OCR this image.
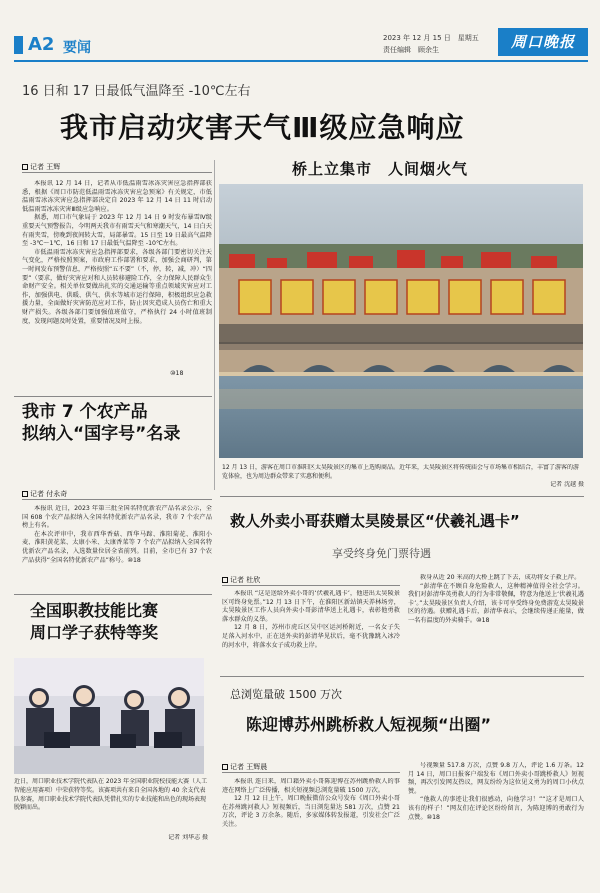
A2 要闻
2023 年 12 月 15 日　星期五
责任编辑　顾余生	周口晚报
16 日和 17 日最低气温降至 -10℃左右
我市启动灾害天气Ⅲ级应急响应
记者 王辉

本报讯 12 月 14 日，记者从市低温雨雪冰冻灾害应急指挥部获悉，根据《周口市防范低温雨雪冰冻灾害应急预案》有关规定，市低温雨雪冰冻灾害应急指挥部决定自 2023 年 12 月 14 日 11 时启动低温雨雪冰冻灾害Ⅲ级应急响应。

据悉，周口市气象局于 2023 年 12 月 14 日 9 时发布暴雪Ⅳ级重要天气预警报告，今明两天我市有雨雪天气和寒潮天气，14 日白天有雨夹雪，傍晚到夜间转大雪，局部暴雪。15 日至 19 日最高气温降至 -3℃～1℃，16 日和 17 日最低气温降至 -10℃左右。

市低温雨雪冰冻灾害应急指挥部要求，各级各部门要密切关注天气变化，严格按照预案，市政府工作部署和要求，加强会商研判，第一时间发布预警信息，严格按照“五不要”（不，停，转，减，冲）“四要”（要求，做好灾害应对和人员转移避险工作，全力保障人民群众生命财产安全。相关单位要做出扎实的交通运输等重点领域灾害应对工作，加强供电、供暖、供气、供水等城市运行保障，积极组织应急救援力量，全面做好灾害防范应对工作，防止因灾造成人员伤亡和重大财产损失。各级各部门要加强值班值守，严格执行 24 小时值班制度，发现问题及时处置，重要情况及时上报。

⑩18
桥上立集市　人间烟火气
12 月 13 日，游客在周口市淮阳区太昊陵景区的集市上选购商品。近年来，太昊陵景区将传统庙会与市场集市相结合，丰富了游客的游览体验，也为周边群众带来了实惠和便利。
记者 沈越 摄
我市 7 个农产品
拟纳入“国字号”名录
记者 付永奇

本报讯 近日，2023 年第三批全国名特优新农产品名录公示，全国 608 个农产品拟纳入全国名特优新农产品名录，我市 7 个农产品榜上有名。

在本次评审中，我市西华香菇、西华马蹄、淮阳菊花、淮阳小麦、淮阳黄花菜、太康小米、太康香菜等 7 个农产品拟纳入全国名特优新农产品名录，入选数量位居全省前列。目前，全市已有 37 个农产品获得“全国名特优新农产品”称号。⑩18

救人外卖小哥获赠太昊陵景区“伏羲礼遇卡”
享受终身免门票待遇
记者 杜欣

本报讯 “这是送给外卖小哥的‘伏羲礼遇卡’，他进出太昊陵景区可终身免票。”12 月 13 日下午，在淮阳区新站镇天养林场旁，太昊陵景区工作人员向外卖小哥彭清华送上礼遇卡，表彰他勇救落水群众的义举。

12 月 8 日，苏州市虎丘区吴中区运河桥附近，一名女子失足落入河水中，正在送外卖的彭清华见状后，毫不犹豫跳入冰冷的河水中，将落水女子成功救上岸。

救身从近 20 米高的大桥上跳了下去，成功将女子救上岸。

“彭清华在不顾自身危险救人，这种精神值得全社会学习。我们对彭清华英勇救人的行为非常敬佩，特意为他送上‘伏羲礼遇卡’。”太昊陵景区负责人介绍，该卡可享受终身免费游览太昊陵景区的待遇。获赠礼遇卡后，彭清华表示，会继续传递正能量，做一名有温度的外卖骑手。⑩18

全国职教技能比赛
周口学子获特等奖
近日，周口职业技术学院代表队在 2023 年全国职业院校技能大赛（人工智能应用赛项）中荣获特等奖。该赛项共有来自全国各地的 40 余支代表队参赛，周口职业技术学院代表队凭借扎实的专业技能和出色的现场表现脱颖而出。
记者 刘华志 摄
总浏览量破 1500 万次
陈迎博苏州跳桥救人短视频“出圈”
记者 王辉晨

本报讯 连日来，周口籍外卖小哥陈迎博在苏州跳桥救人的事迹在网络上广泛传播，相关短视频总浏览量破 1500 万次。

12 月 12 日上午，周口晚报微信公众号发布《周口外卖小哥在苏州跳河救人》短视频后，当日浏览量达 581 万次，点赞 21 万次，评论 3 万余条。随后，多家媒体转发报道，引发社会广泛关注。

号视频量 517.8 万次，点赞 9.8 万人，评论 1.6 万条。12 月 14 日，周口日报客户端发布《周口外卖小哥跳桥救人》短视频，再次引发网友热议，网友纷纷为这位见义勇为的周口小伙点赞。

“他救人的事迹让我们很感动，向他学习！”“这才是周口人该有的样子！”网友们在评论区纷纷留言，为陈迎博的勇敢行为点赞。⑩18
